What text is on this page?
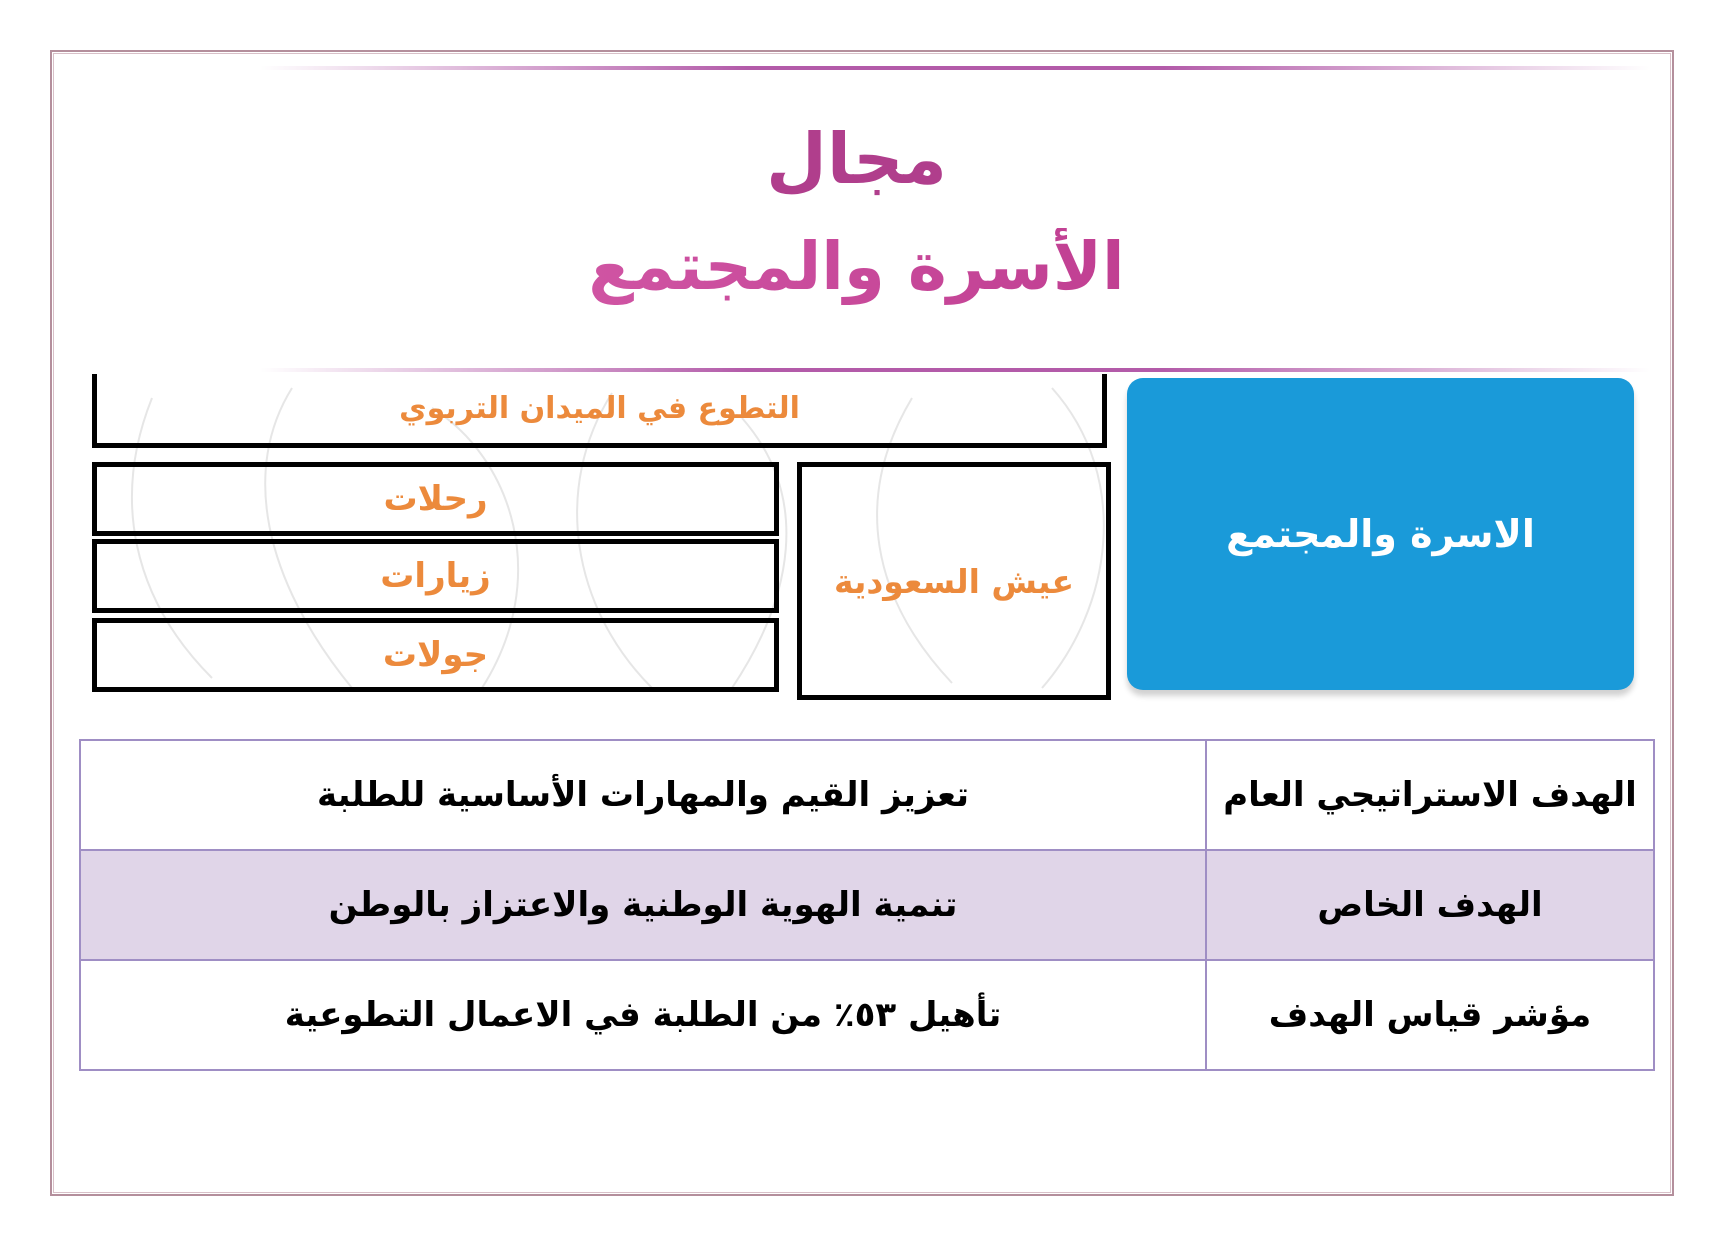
مجال

الأسرة والمجتمع

التطوع في الميدان التربوي
عيش السعودية
رحلات
زيارات
جولات
الاسرة والمجتمع
الهدف الاستراتيجي العام	تعزيز القيم والمهارات الأساسية للطلبة
الهدف الخاص	تنمية الهوية الوطنية والاعتزاز بالوطن
مؤشر قياس الهدف	تأهيل ٥٣٪ من الطلبة في الاعمال التطوعية
